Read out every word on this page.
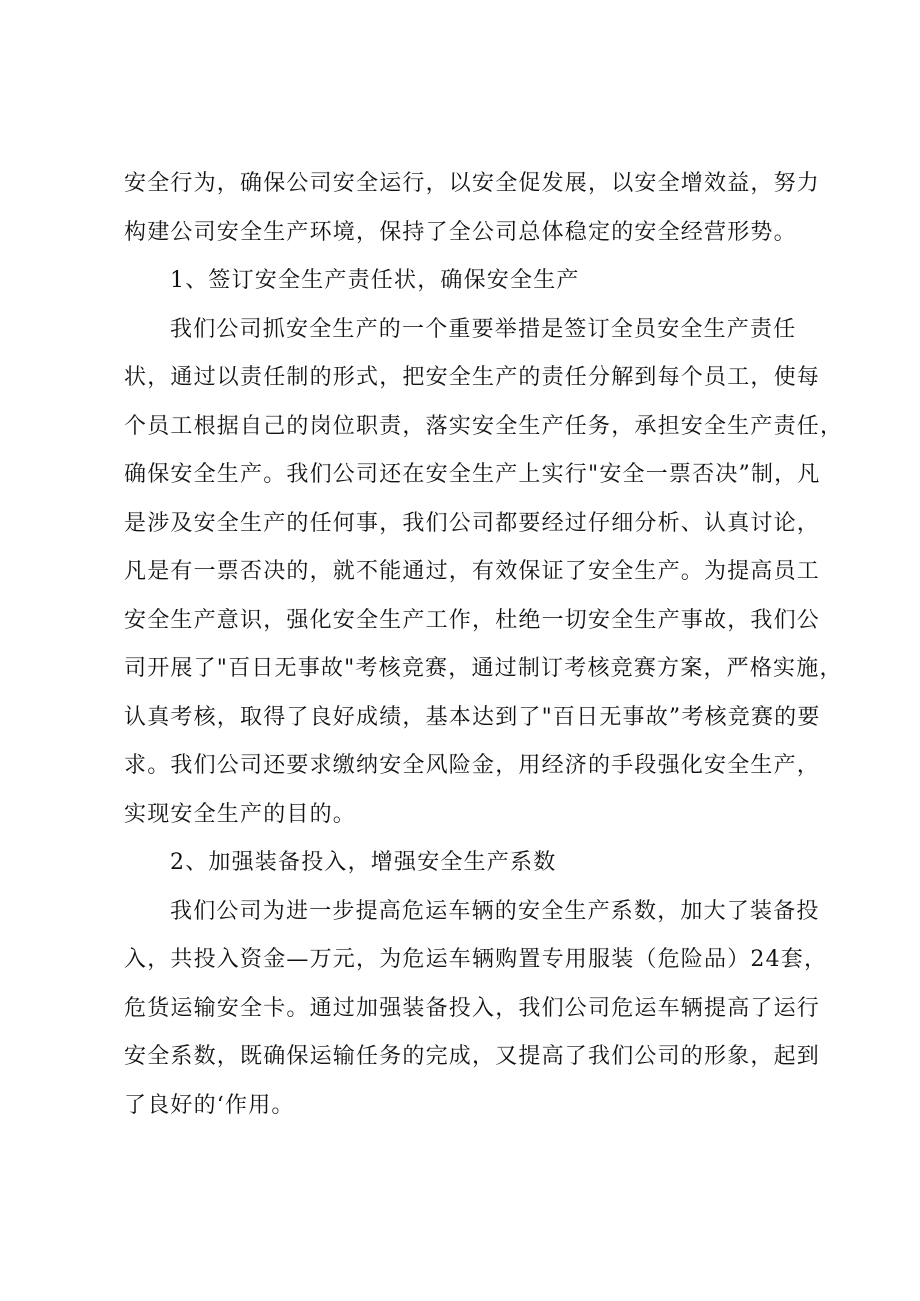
安全行为，确保公司安全运行，以安全促发展，以安全增效益，努力
构建公司安全生产环境，保持了全公司总体稳定的安全经营形势。
1、签订安全生产责任状，确保安全生产
我们公司抓安全生产的一个重要举措是签订全员安全生产责任
状，通过以责任制的形式，把安全生产的责任分解到每个员工，使每
个员工根据自己的岗位职责，落实安全生产任务，承担安全生产责任，
确保安全生产。我们公司还在安全生产上实行"安全一票否决”制，凡
是涉及安全生产的任何事，我们公司都要经过仔细分析、认真讨论，
凡是有一票否决的，就不能通过，有效保证了安全生产。为提高员工
安全生产意识，强化安全生产工作，杜绝一切安全生产事故，我们公
司开展了"百日无事故"考核竞赛，通过制订考核竞赛方案，严格实施，
认真考核，取得了良好成绩，基本达到了"百日无事故”考核竞赛的要
求。我们公司还要求缴纳安全风险金，用经济的手段强化安全生产，
实现安全生产的目的。
2、加强装备投入，增强安全生产系数
我们公司为进一步提高危运车辆的安全生产系数，加大了装备投
入，共投入资金—万元，为危运车辆购置专用服装（危险品）24套，
危货运输安全卡。通过加强装备投入，我们公司危运车辆提高了运行
安全系数，既确保运输任务的完成，又提高了我们公司的形象，起到
了良好的‘作用。
